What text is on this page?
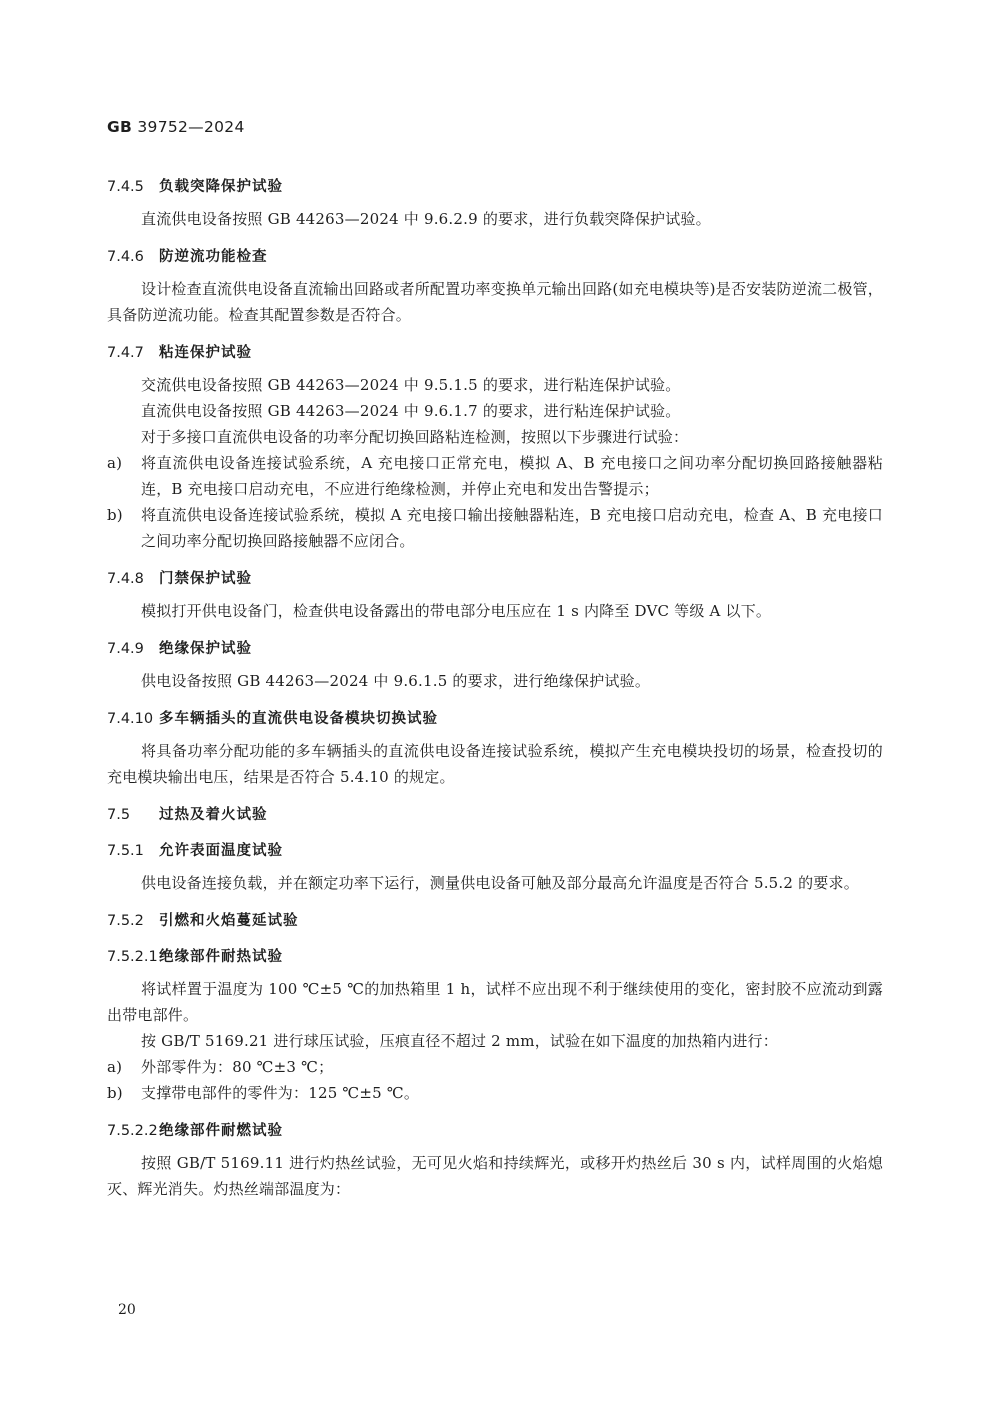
GB 39752—2024
7.4.5	负载突降保护试验

直流供电设备按照 GB 44263—2024 中 9.6.2.9 的要求，进行负载突降保护试验。

7.4.6	防逆流功能检查

设计检查直流供电设备直流输出回路或者所配置功率变换单元输出回路(如充电模块等)是否安装防逆流二极管，具备防逆流功能。检查其配置参数是否符合。

7.4.7	粘连保护试验

交流供电设备按照 GB 44263—2024 中 9.5.1.5 的要求，进行粘连保护试验。

直流供电设备按照 GB 44263—2024 中 9.6.1.7 的要求，进行粘连保护试验。

对于多接口直流供电设备的功率分配切换回路粘连检测，按照以下步骤进行试验：

a)	将直流供电设备连接试验系统，A 充电接口正常充电，模拟 A、B 充电接口之间功率分配切换回路接触器粘连，B 充电接口启动充电，不应进行绝缘检测，并停止充电和发出告警提示；
b)	将直流供电设备连接试验系统，模拟 A 充电接口输出接触器粘连，B 充电接口启动充电，检查 A、B 充电接口之间功率分配切换回路接触器不应闭合。
7.4.8	门禁保护试验

模拟打开供电设备门，检查供电设备露出的带电部分电压应在 1 s 内降至 DVC 等级 A 以下。

7.4.9	绝缘保护试验

供电设备按照 GB 44263—2024 中 9.6.1.5 的要求，进行绝缘保护试验。

7.4.10 多车辆插头的直流供电设备模块切换试验

将具备功率分配功能的多车辆插头的直流供电设备连接试验系统，模拟产生充电模块投切的场景，检查投切的充电模块输出电压，结果是否符合 5.4.10 的规定。

7.5	过热及着火试验
7.5.1	允许表面温度试验

供电设备连接负载，并在额定功率下运行，测量供电设备可触及部分最高允许温度是否符合 5.5.2 的要求。

7.5.2	引燃和火焰蔓延试验
7.5.2.1 绝缘部件耐热试验

将试样置于温度为 100 ℃±5 ℃的加热箱里 1 h，试样不应出现不利于继续使用的变化，密封胶不应流动到露出带电部件。

按 GB/T 5169.21 进行球压试验，压痕直径不超过 2 mm，试验在如下温度的加热箱内进行：

a)	外部零件为：80 ℃±3 ℃；
b)	支撑带电部件的零件为：125 ℃±5 ℃。
7.5.2.2 绝缘部件耐燃试验

按照 GB/T 5169.11 进行灼热丝试验，无可见火焰和持续辉光，或移开灼热丝后 30 s 内，试样周围的火焰熄灭、辉光消失。灼热丝端部温度为：

20
